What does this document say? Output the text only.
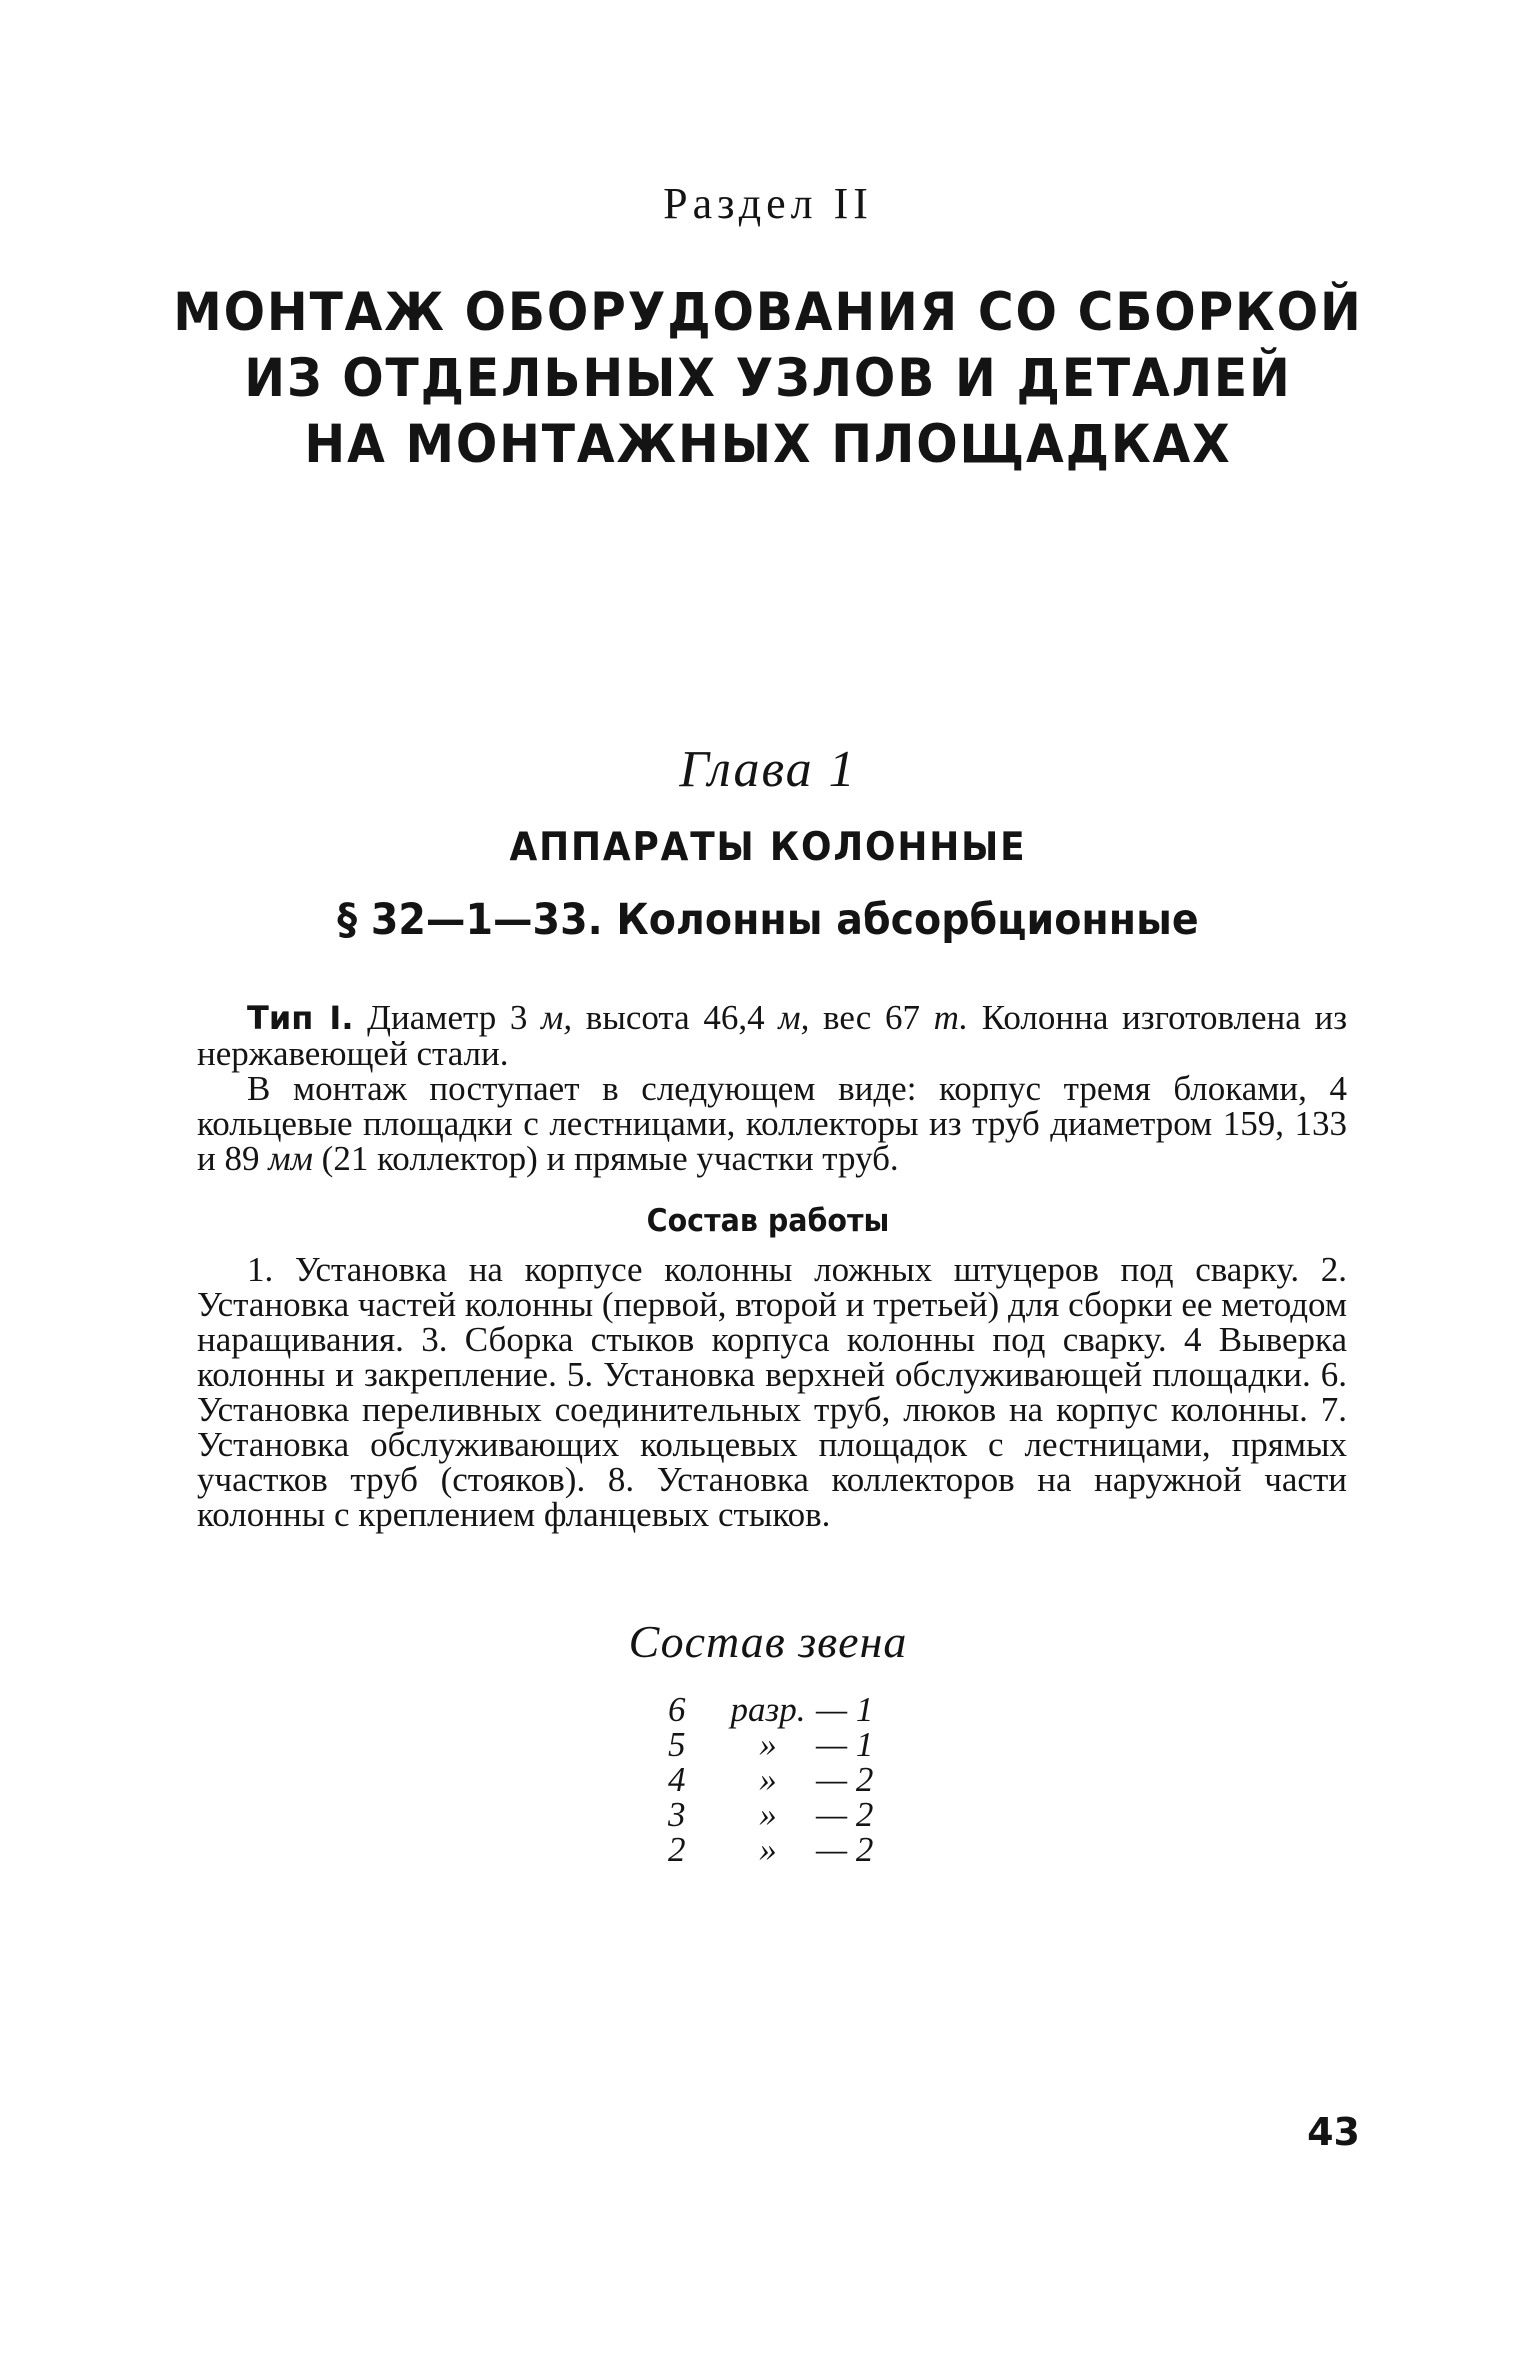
Раздел II

МОНТАЖ ОБОРУДОВАНИЯ СО СБОРКОЙ
ИЗ ОТДЕЛЬНЫХ УЗЛОВ И ДЕТАЛЕЙ
НА МОНТАЖНЫХ ПЛОЩАДКАХ

Глава 1

АППАРАТЫ КОЛОННЫЕ

§ 32—1—33. Колонны абсорбционные

Тип I. Диаметр 3 м, высота 46,4 м, вес 67 т. Колонна изготовлена из нержавеющей стали.

В монтаж поступает в следующем виде: корпус тремя блоками, 4 кольцевые площадки с лестницами, коллекторы из труб диаметром 159, 133 и 89 мм (21 коллектор) и прямые участки труб.

Состав работы

1. Установка на корпусе колонны ложных штуцеров под сварку. 2. Установка частей колонны (первой, второй и третьей) для сборки ее методом наращивания. 3. Сборка стыков корпуса колонны под сварку. 4 Выверка колонны и закрепление. 5. Установка верхней обслуживающей площадки. 6. Установка переливных соединительных труб, люков на корпус колонны. 7. Установка обслуживающих кольцевых площадок с лестницами, прямых участков труб (стояков). 8. Установка коллекторов на наружной части колонны с креплением фланцевых стыков.

Состав звена

6	разр.	— 1
5	»	— 1
4	»	— 2
3	»	— 2
2	»	— 2
43
